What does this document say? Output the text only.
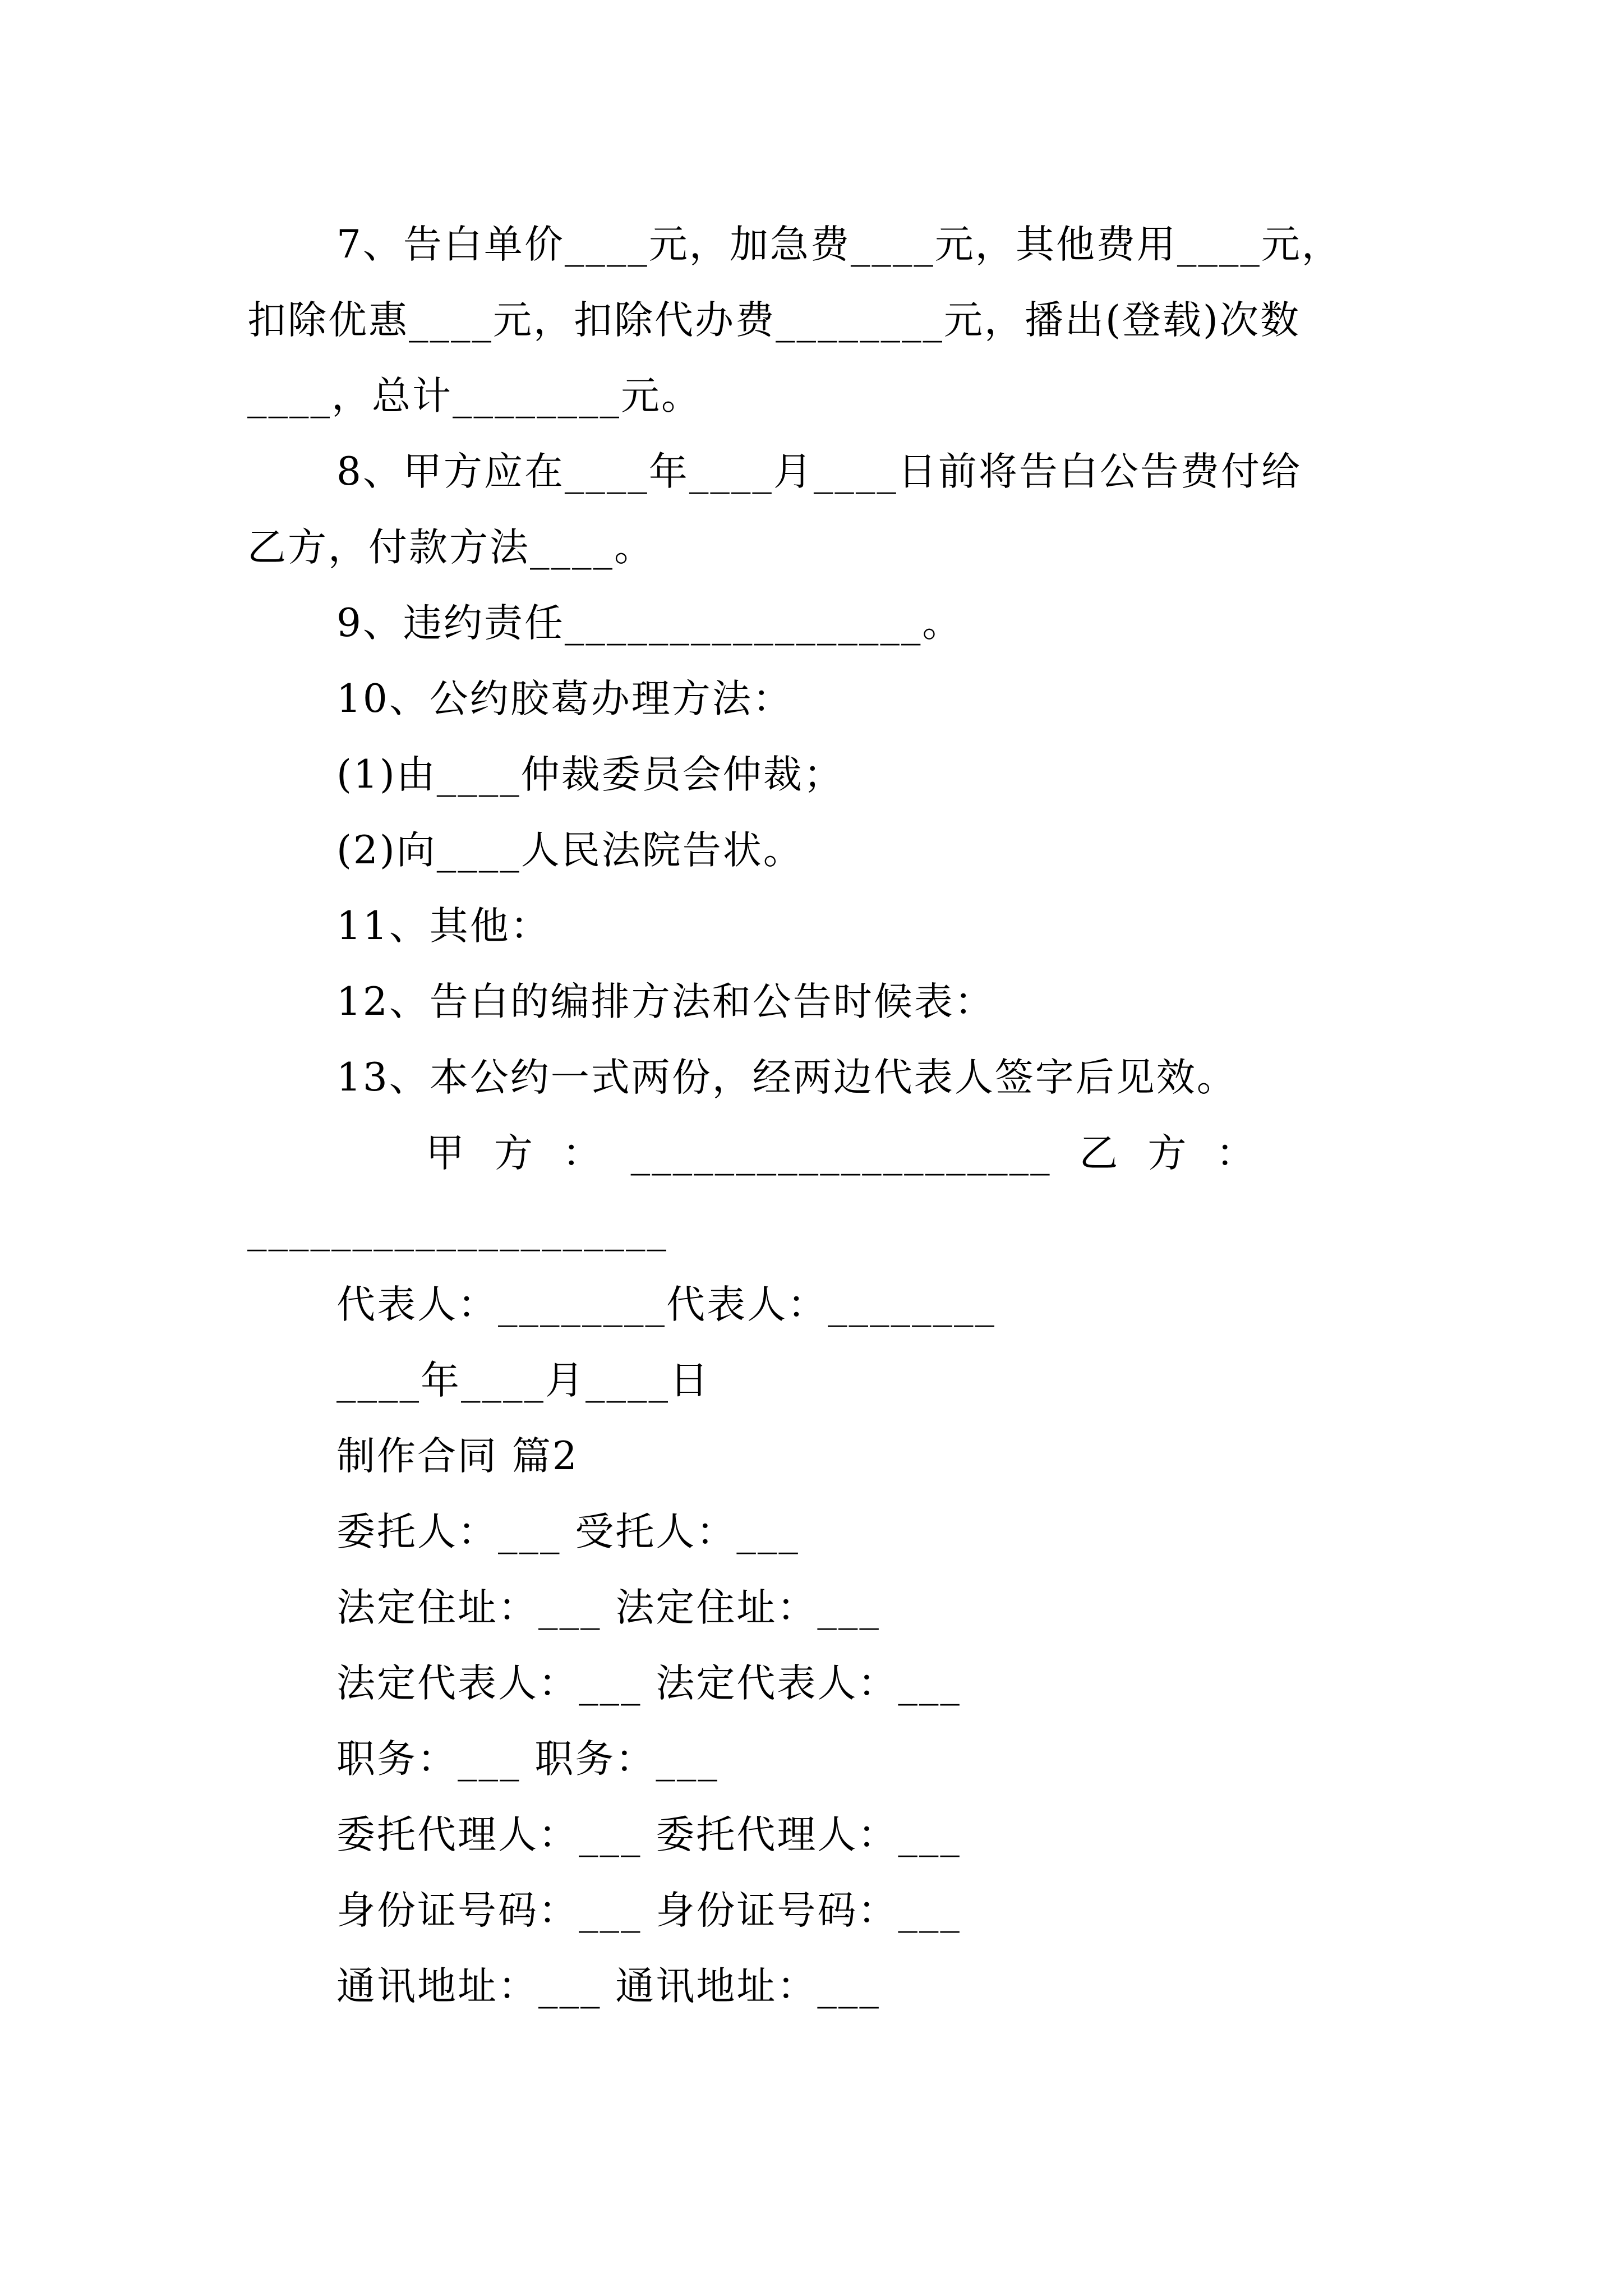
7、告白单价____元，加急费____元，其他费用____元，
扣除优惠____元，扣除代办费________元，播出(登载)次数
____，总计________元。
8、甲方应在____年____月____日前将告白公告费付给
乙方，付款方法____。
9、违约责任_________________。
10、公约胶葛办理方法：
(1)由____仲裁委员会仲裁；
(2)向____人民法院告状。
11、其他：
12、告白的编排方法和公告时候表：
13、本公约一式两份，经两边代表人签字后见效。
甲  方  ：  ____________________  乙  方  ：
____________________
代表人：________代表人：________
____年____月____日
制作合同 篇2
委托人：___ 受托人：___
法定住址：___ 法定住址：___
法定代表人：___ 法定代表人：___
职务：___ 职务：___
委托代理人：___ 委托代理人：___
身份证号码：___ 身份证号码：___
通讯地址：___ 通讯地址：___
